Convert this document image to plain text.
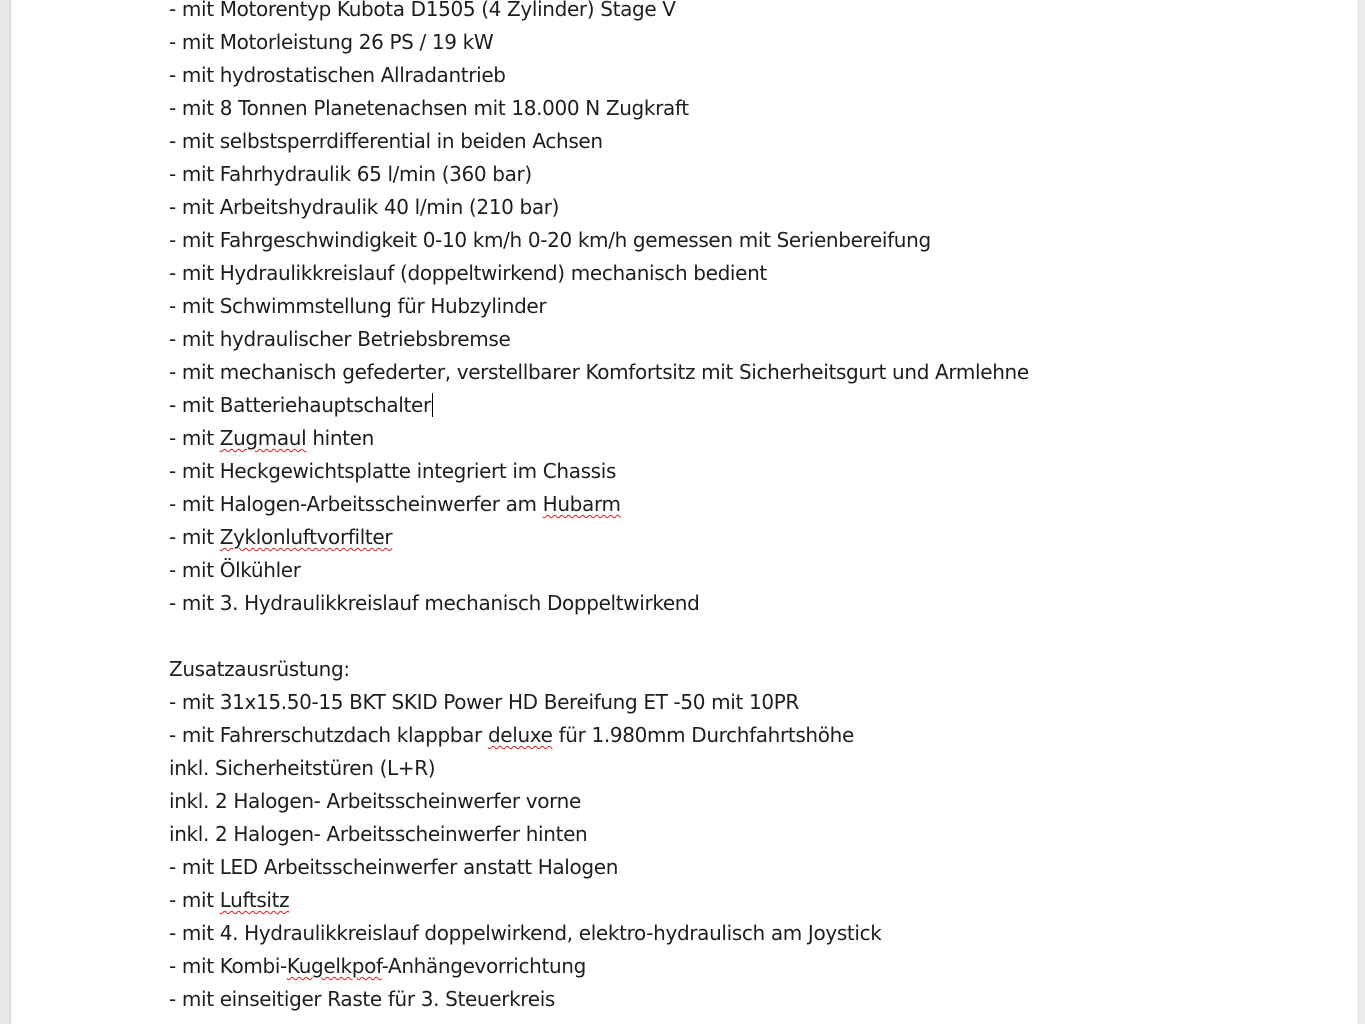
- mit Motorentyp Kubota D1505 (4 Zylinder) Stage V
- mit Motorleistung 26 PS / 19 kW
- mit hydrostatischen Allradantrieb
- mit 8 Tonnen Planetenachsen mit 18.000 N Zugkraft
- mit selbstsperrdifferential in beiden Achsen
- mit Fahrhydraulik 65 l/min (360 bar)
- mit Arbeitshydraulik 40 l/min (210 bar)
- mit Fahrgeschwindigkeit 0-10 km/h 0-20 km/h gemessen mit Serienbereifung
- mit Hydraulikkreislauf (doppeltwirkend) mechanisch bedient
- mit Schwimmstellung für Hubzylinder
- mit hydraulischer Betriebsbremse
- mit mechanisch gefederter, verstellbarer Komfortsitz mit Sicherheitsgurt und Armlehne
- mit Batteriehauptschalter
- mit Zugmaul hinten
- mit Heckgewichtsplatte integriert im Chassis
- mit Halogen-Arbeitsscheinwerfer am Hubarm
- mit Zyklonluftvorfilter
- mit Ölkühler
- mit 3. Hydraulikkreislauf mechanisch Doppeltwirkend
Zusatzausrüstung:
- mit 31x15.50-15 BKT SKID Power HD Bereifung ET -50 mit 10PR
- mit Fahrerschutzdach klappbar deluxe für 1.980mm Durchfahrtshöhe
inkl. Sicherheitstüren (L+R)
inkl. 2 Halogen- Arbeitsscheinwerfer vorne
inkl. 2 Halogen- Arbeitsscheinwerfer hinten
- mit LED Arbeitsscheinwerfer anstatt Halogen
- mit Luftsitz
- mit 4. Hydraulikkreislauf doppelwirkend, elektro-hydraulisch am Joystick
- mit Kombi-Kugelkpof-Anhängevorrichtung
- mit einseitiger Raste für 3. Steuerkreis
